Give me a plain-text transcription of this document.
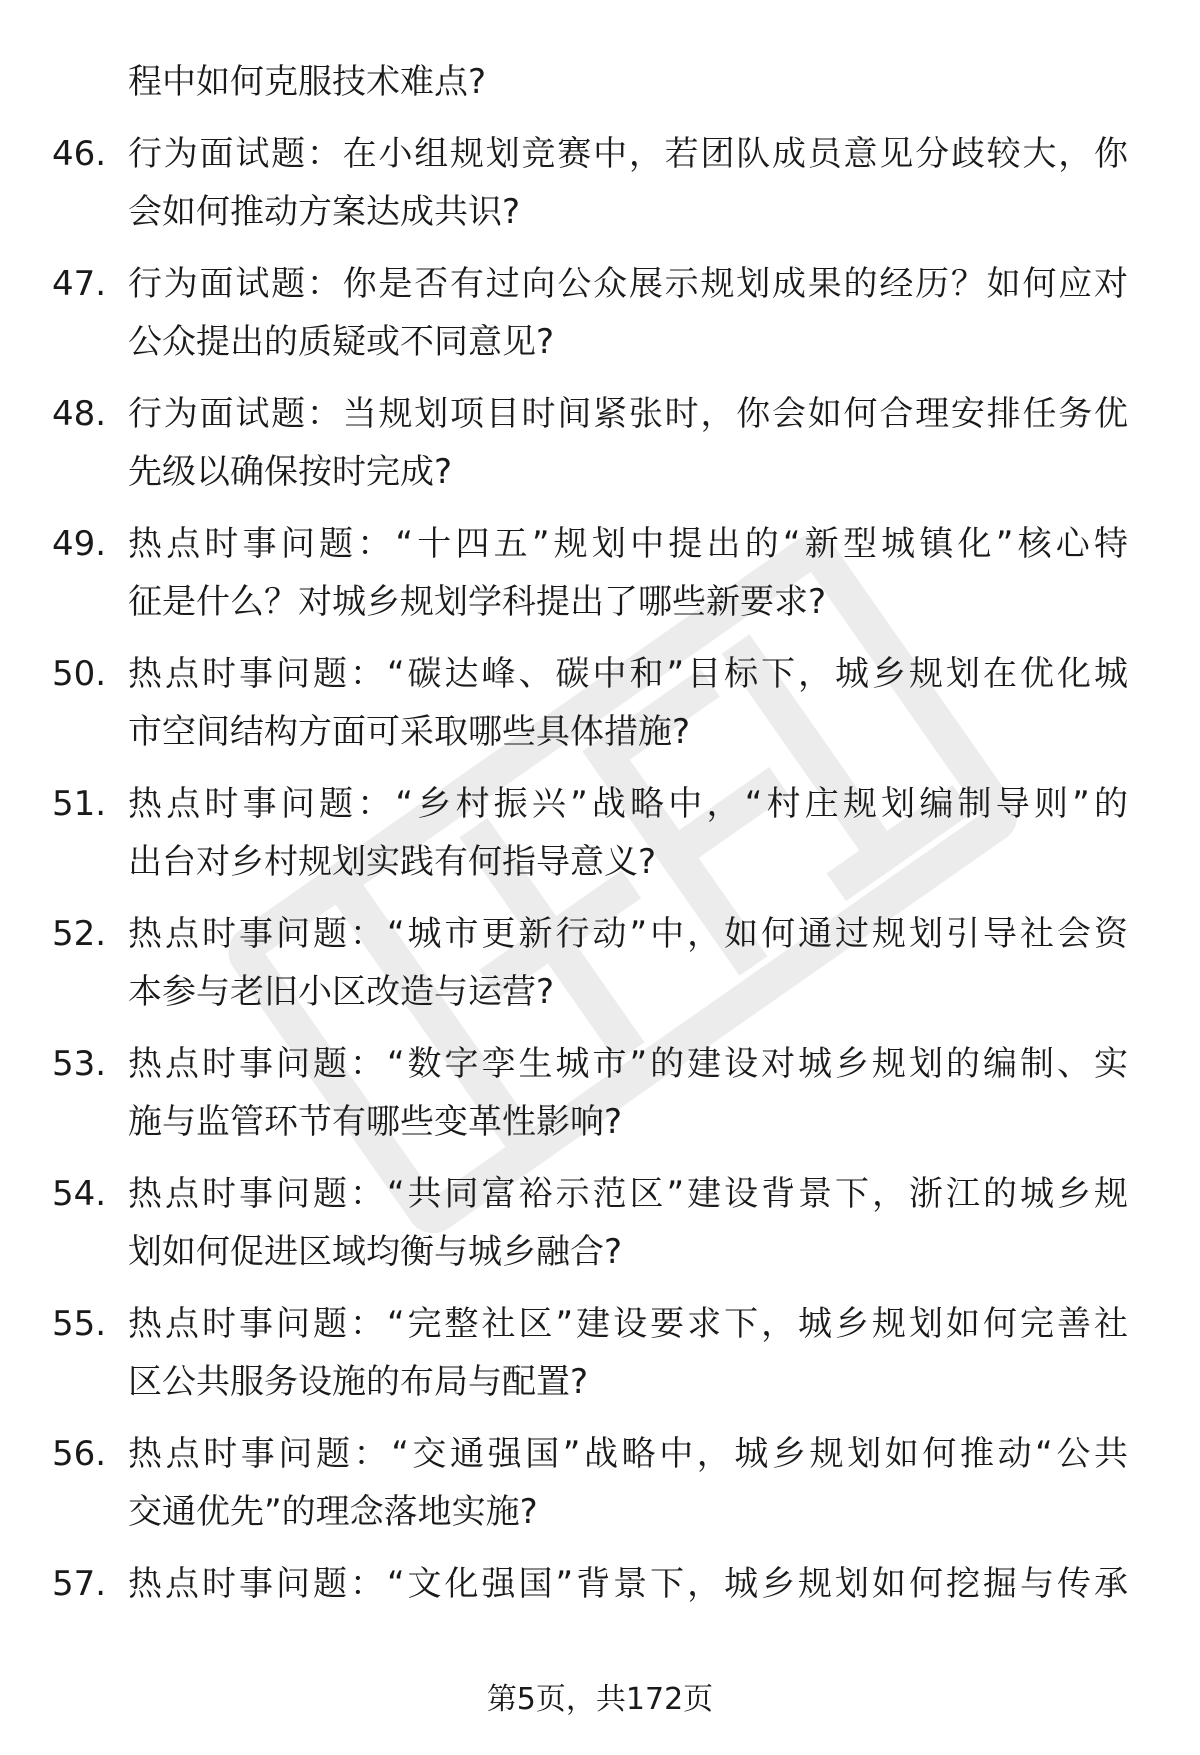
程中如何克服技术难点?
46. 行为面试题：在小组规划竞赛中，若团队成员意见分歧较大，你
会如何推动方案达成共识?
47. 行为面试题：你是否有过向公众展示规划成果的经历？如何应对
公众提出的质疑或不同意见?
48. 行为面试题：当规划项目时间紧张时，你会如何合理安排任务优
先级以确保按时完成?
49. 热点时事问题：“十四五”规划中提出的“新型城镇化”核心特
征是什么？对城乡规划学科提出了哪些新要求?
50. 热点时事问题：“碳达峰、碳中和”目标下，城乡规划在优化城
市空间结构方面可采取哪些具体措施?
51. 热点时事问题：“乡村振兴”战略中，“村庄规划编制导则”的
出台对乡村规划实践有何指导意义?
52. 热点时事问题：“城市更新行动”中，如何通过规划引导社会资
本参与老旧小区改造与运营?
53. 热点时事问题：“数字孪生城市”的建设对城乡规划的编制、实
施与监管环节有哪些变革性影响?
54. 热点时事问题：“共同富裕示范区”建设背景下，浙江的城乡规
划如何促进区域均衡与城乡融合?
55. 热点时事问题：“完整社区”建设要求下，城乡规划如何完善社
区公共服务设施的布局与配置?
56. 热点时事问题：“交通强国”战略中，城乡规划如何推动“公共
交通优先”的理念落地实施?
57. 热点时事问题：“文化强国”背景下，城乡规划如何挖掘与传承
第5页，共172页
